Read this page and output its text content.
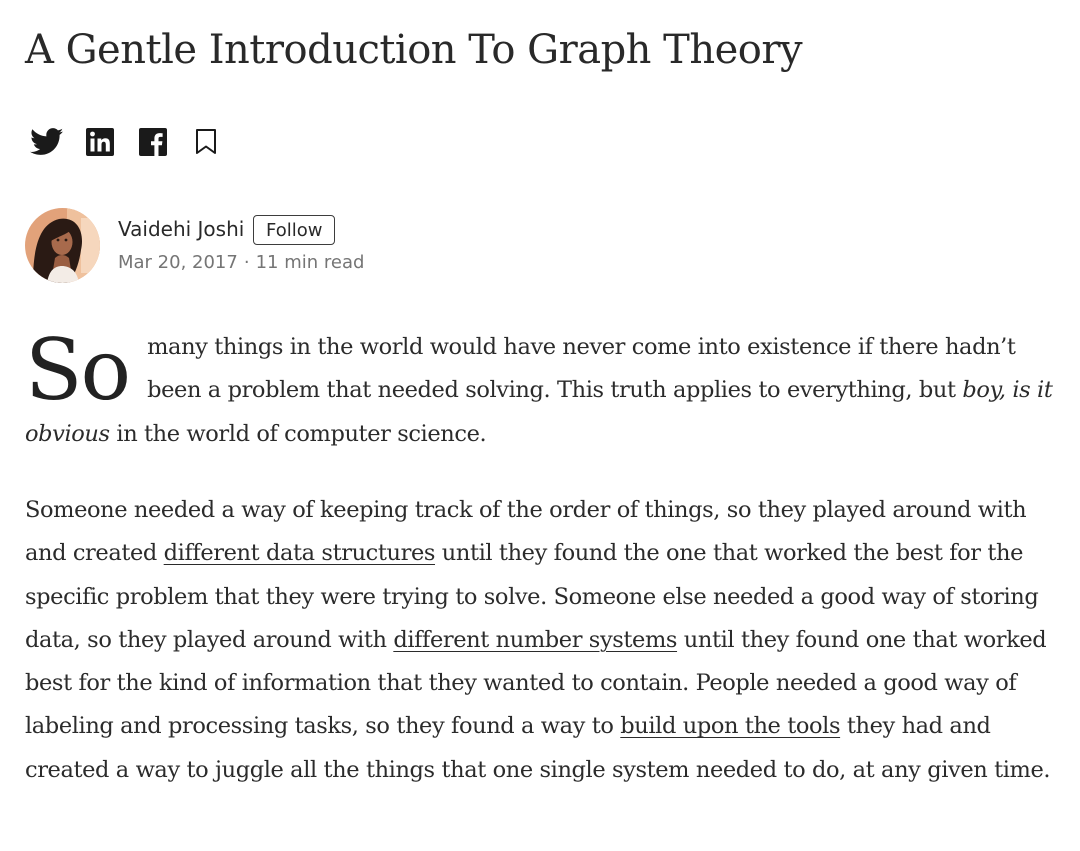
A Gentle Introduction To Graph Theory
Vaidehi Joshi	Follow
Mar 20, 2017 · 11 min read

So many things in the world would have never come into existence if there hadn’t been a problem that needed solving. This truth applies to everything, but boy, is it obvious in the world of computer science.

Someone needed a way of keeping track of the order of things, so they played around with and created different data structures until they found the one that worked the best for the specific problem that they were trying to solve. Someone else needed a good way of storing data, so they played around with different number systems until they found one that worked best for the kind of information that they wanted to contain. People needed a good way of labeling and processing tasks, so they found a way to build upon the tools they had and created a way to juggle all the things that one single system needed to do, at any given time.
